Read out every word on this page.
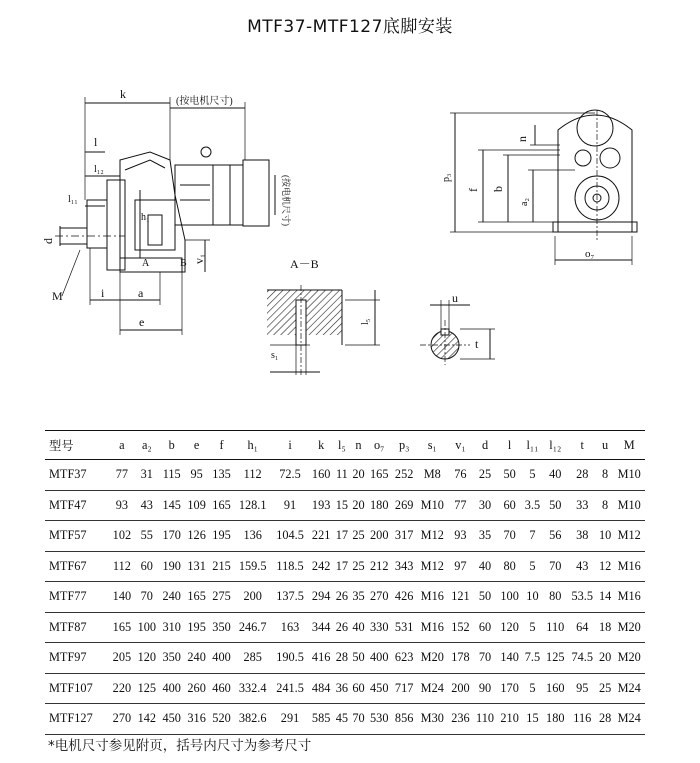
MTF37-MTF127底脚安装
k
(按电机尺寸)
(按电机尺寸)
l
l₁₂
l₁₁
h₁
d
v₁
A	B
M	i	a
e
A－B
l₅
s₁
u
t
n
p₃
f b
a₂
o₇
型号	a	a₂	b	e	f	h₁	i	k	l₅	n	o₇	p₃	s₁	v₁	d	l	l₁₁	l₁₂	t	u	M
MTF37	77	31	115	95	135	112	72.5	160	11	20	165	252	M8	76	25	50	5	40	28	8	M10
MTF47	93	43	145	109	165	128.1	91	193	15	20	180	269	M10	77	30	60	3.5	50	33	8	M10
MTF57	102	55	170	126	195	136	104.5	221	17	25	200	317	M12	93	35	70	7	56	38	10	M12
MTF67	112	60	190	131	215	159.5	118.5	242	17	25	212	343	M12	97	40	80	5	70	43	12	M16
MTF77	140	70	240	165	275	200	137.5	294	26	35	270	426	M16	121	50	100	10	80	53.5	14	M16
MTF87	165	100	310	195	350	246.7	163	344	26	40	330	531	M16	152	60	120	5	110	64	18	M20
MTF97	205	120	350	240	400	285	190.5	416	28	50	400	623	M20	178	70	140	7.5	125	74.5	20	M20
MTF107	220	125	400	260	460	332.4	241.5	484	36	60	450	717	M24	200	90	170	5	160	95	25	M24
MTF127	270	142	450	316	520	382.6	291	585	45	70	530	856	M30	236	110	210	15	180	116	28	M24
*电机尺寸参见附页，括号内尺寸为参考尺寸
